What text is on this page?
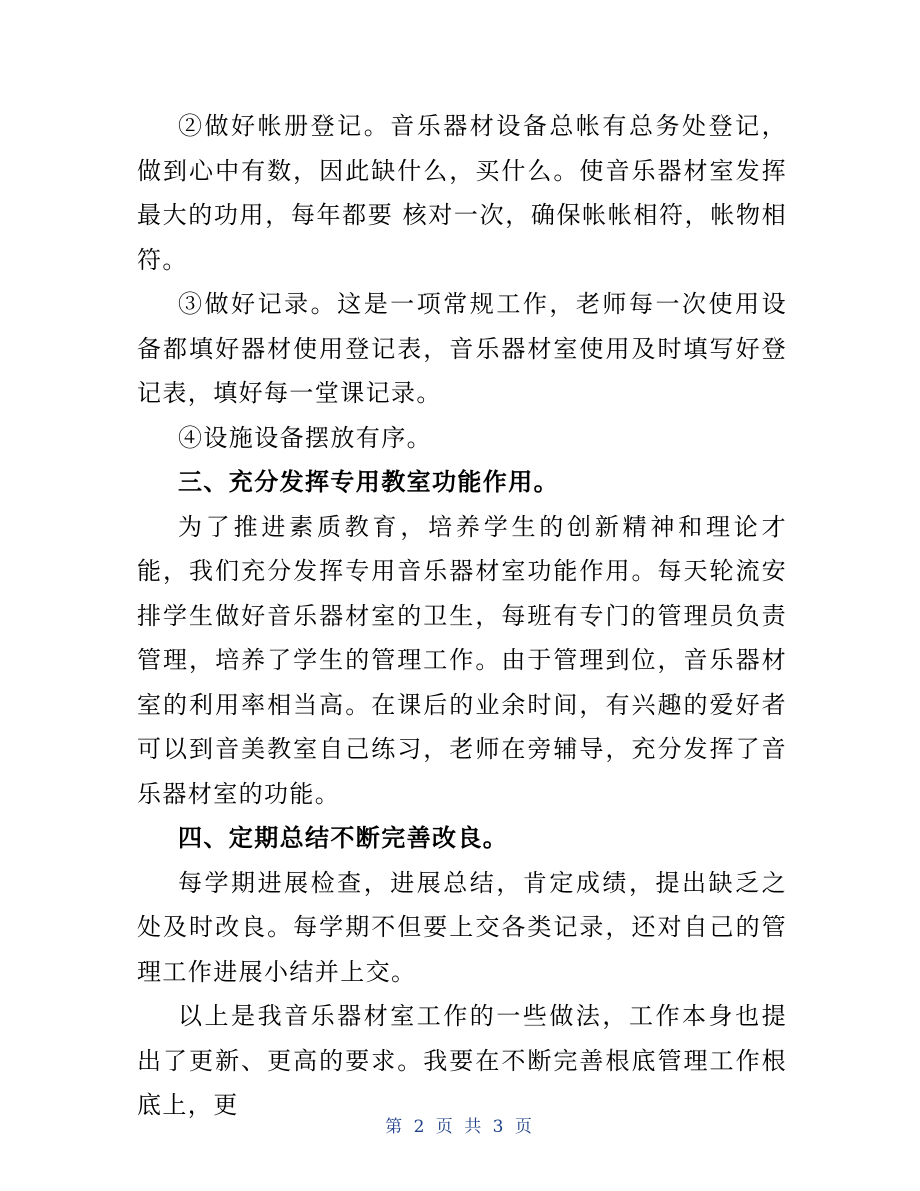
②做好帐册登记。音乐器材设备总帐有总务处登记，做到心中有数，因此缺什么，买什么。使音乐器材室发挥最大的功用，每年都要 核对一次，确保帐帐相符，帐物相符。

③做好记录。这是一项常规工作，老师每一次使用设备都填好器材使用登记表，音乐器材室使用及时填写好登记表，填好每一堂课记录。

④设施设备摆放有序。

三、充分发挥专用教室功能作用。

为了推进素质教育，培养学生的创新精神和理论才能，我们充分发挥专用音乐器材室功能作用。每天轮流安排学生做好音乐器材室的卫生，每班有专门的管理员负责管理，培养了学生的管理工作。由于管理到位，音乐器材室的利用率相当高。在课后的业余时间，有兴趣的爱好者可以到音美教室自己练习，老师在旁辅导，充分发挥了音乐器材室的功能。

四、定期总结不断完善改良。

每学期进展检查，进展总结，肯定成绩，提出缺乏之处及时改良。每学期不但要上交各类记录，还对自己的管理工作进展小结并上交。

以上是我音乐器材室工作的一些做法，工作本身也提出了更新、更高的要求。我要在不断完善根底管理工作根底上，更

第 2 页 共 3 页
